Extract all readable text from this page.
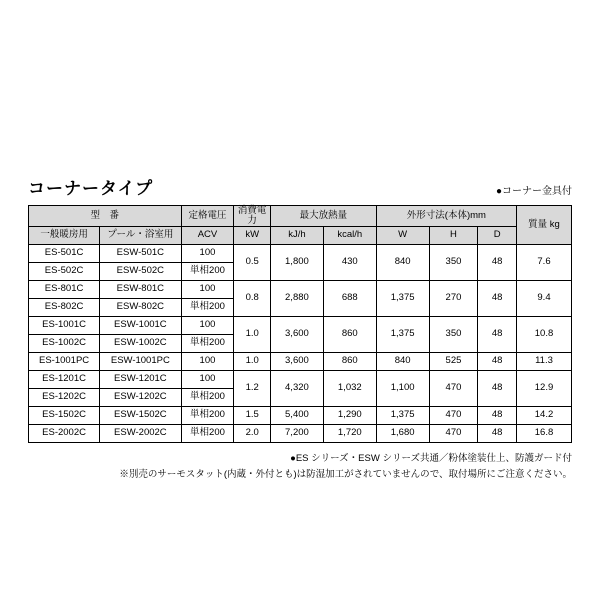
コーナータイプ	●コーナー金具付
型　番		定格電圧	消費電力	最大放熱量		外形寸法(本体)mm			質量 kg
一般暖房用	プール・浴室用	ACV	kW	kJ/h	kcal/h	W	H	D	
ES-501C	ESW-501C	100	0.5	1,800	430	840	350	48	7.6
ES-502C	ESW-502C	単相200							
ES-801C	ESW-801C	100	0.8	2,880	688	1,375	270	48	9.4
ES-802C	ESW-802C	単相200							
ES-1001C	ESW-1001C	100	1.0	3,600	860	1,375	350	48	10.8
ES-1002C	ESW-1002C	単相200							
ES-1001PC	ESW-1001PC	100	1.0	3,600	860	840	525	48	11.3
ES-1201C	ESW-1201C	100	1.2	4,320	1,032	1,100	470	48	12.9
ES-1202C	ESW-1202C	単相200							
ES-1502C	ESW-1502C	単相200	1.5	5,400	1,290	1,375	470	48	14.2
ES-2002C	ESW-2002C	単相200	2.0	7,200	1,720	1,680	470	48	16.8
●ES シリーズ・ESW シリーズ共通／粉体塗装仕上、防護ガード付
※別売のサーモスタット(内蔵・外付とも)は防湿加工がされていませんので、取付場所にご注意ください。
